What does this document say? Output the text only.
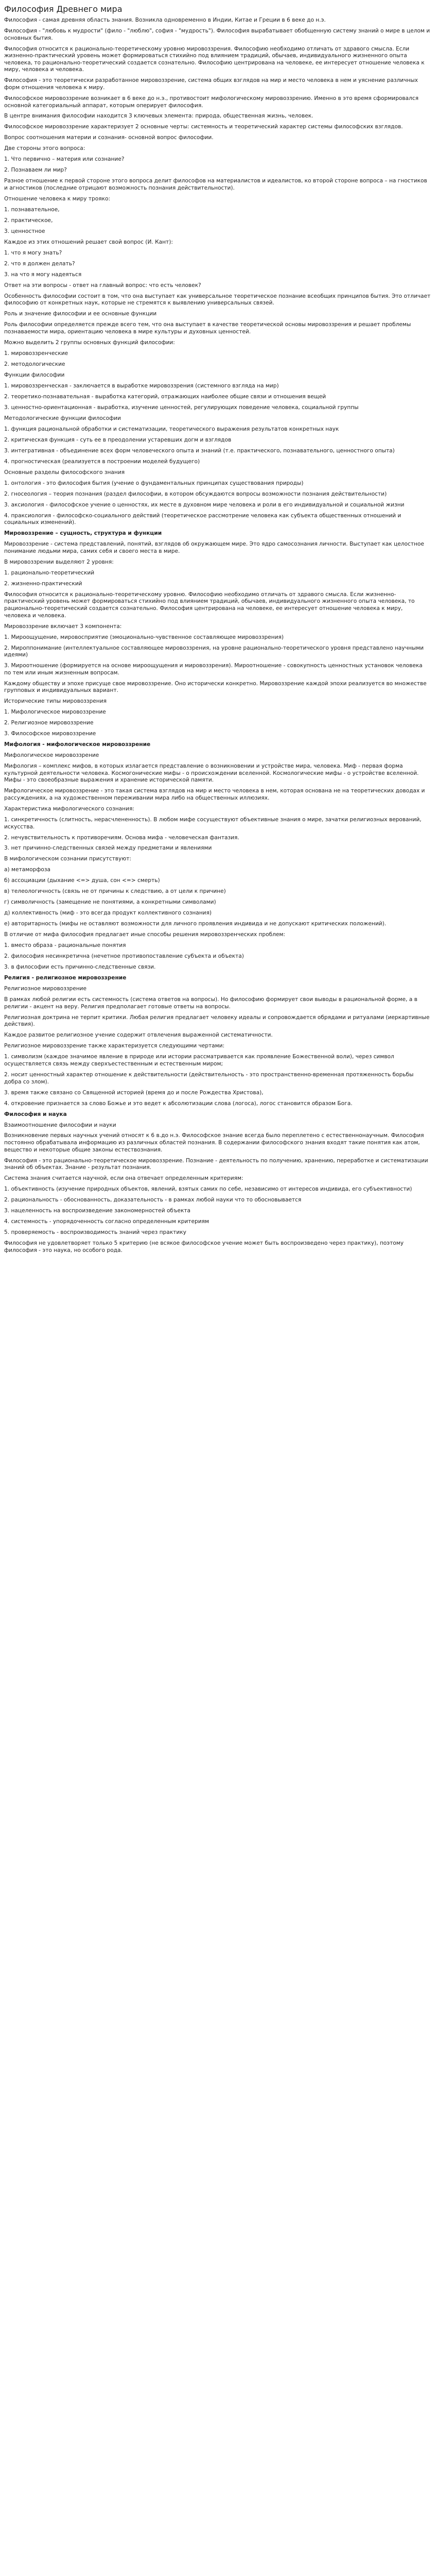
Философия Древнего мира

Философия - самая древняя область знания. Возникла одновременно в Индии, Китае и Греции в 6 веке до н.э.

Философия - "любовь к мудрости" (фило - "люблю", софия - "мудрость"). Философия вырабатывает обобщенную систему знаний о мире в целом и основных бытия.

Философия относится к рационально-теоретическому уровню мировоззрения. Философию необходимо отличать от здравого смысла. Если жизненно-практический уровень может формироваться стихийно под влиянием традиций, обычаев, индивидуального жизненного опыта человека, то рационально-теоретический создается сознательно. Философию центрирована на человеке, ее интересует отношение человека к миру, человека и человека.

Философия - это теоретически разработанное мировоззрение, система общих взглядов на мир и место человека в нем и уяснение различных форм отношения человека к миру.

Философское мировоззрение возникает в 6 веке до н.э., противостоит мифологическому мировоззрению. Именно в это время сформировался основной категориальный аппарат, которым оперирует философия.

В центре внимания философии находится 3 ключевых элемента: природа, общественная жизнь, человек.

Философское мировоззрение характеризует 2 основные черты: системность и теоретический характер системы философских взглядов.

Вопрос соотношения материи и сознания- основной вопрос философии.

Две стороны этого вопроса:

1. Что первично – материя или сознание?

2. Познаваем ли мир?

Разное отношение к первой стороне этого вопроса делит философов на материалистов и идеалистов, ко второй стороне вопроса – на гностиков и агностиков (последние отрицают возможность познания действительности).

Отношение человека к миру трояко:

1. познавательное,

2. практическое,

3. ценностное

Каждое из этих отношений решает свой вопрос (И. Кант):

1. что я могу знать?

2. что я должен делать?

3. на что я могу надеяться

Ответ на эти вопросы - ответ на главный вопрос: что есть человек?

Особенность философии состоит в том, что она выступает как универсальное теоретическое познание всеобщих принципов бытия. Это отличает философию от конкретных наук, которые не стремятся к выявлению универсальных связей.

Роль и значение философии и ее основные функции

Роль философии определяется прежде всего тем, что она выступает в качестве теоретической основы мировоззрения и решает проблемы познаваемости мира, ориентацию человека в мире культуры и духовных ценностей.

Можно выделить 2 группы основных функций философии:

1. мировоззренческие

2. методологические

Функции философии

1. мировоззренческая - заключается в выработке мировоззрения (системного взгляда на мир)

2. теоретико-познавательная - выработка категорий, отражающих наиболее общие связи и отношения вещей

3. ценностно-ориентационная - выработка, изучение ценностей, регулирующих поведение человека, социальной группы

Методологические функции философии

1. функция рациональной обработки и систематизации, теоретического выражения результатов конкретных наук

2. критическая функция - суть ее в преодолении устаревших догм и взглядов

3. интегративная - объединение всех форм человеческого опыта и знаний (т.е. практического, познавательного, ценностного опыта)

4. прогностическая (реализуется в построении моделей будущего)

Основные разделы философского знания

1. онтология - это философия бытия (учение о фундаментальных принципах существования природы)

2. гносеология – теория познания (раздел философии, в котором обсуждаются вопросы возможности познания действительности)

3. аксиология - философское учение о ценностях, их месте в духовном мире человека и роли в его индивидуальной и социальной жизни

4. праксиология - философско-социального действий (теоретическое рассмотрение человека как субъекта общественных отношений и социальных изменений).

Мировоззрение – сущность, структура и функции

Мировоззрение - система представлений, понятий, взглядов об окружающем мире. Это ядро самосознания личности. Выступает как целостное понимание людьми мира, самих себя и своего места в мире.

В мировоззрении выделяют 2 уровня:

1. рационально-теоретический

2. жизненно-практический

Философия относится к рационально-теоретическому уровню. Философию необходимо отличать от здравого смысла. Если жизненно-практический уровень может формироваться стихийно под влиянием традиций, обычаев, индивидуального жизненного опыта человека, то рационально-теоретический создается сознательно. Философия центрирована на человеке, ее интересует отношение человека к миру, человека и человека.

Мировоззрение включает 3 компонента:

1. Мироощущение, мировосприятие (эмоционально-чувственное составляющее мировоззрения)

2. Мироппонимание (интеллектуальное составляющее мировоззрения, на уровне рационально-теоретического уровня представлено научными идеями)

3. Мироотношение (формируется на основе мироощущения и мировоззрения). Мироотношение - совокупность ценностных установок человека по тем или иным жизненным вопросам.

Каждому обществу и эпохе присуще свое мировоззрение. Оно исторически конкретно. Мировоззрение каждой эпохи реализуется во множестве групповых и индивидуальных вариант.

Исторические типы мировоззрения

1. Мифологическое мировоззрение

2. Религиозное мировоззрение

3. Философское мировоззрение

Мифология - мифологическое мировоззрение

Мифологическое мировоззрение

Мифология – комплекс мифов, в которых излагается представление о возникновении и устройстве мира, человека. Миф - первая форма культурной деятельности человека. Космогонические мифы - о происхождении вселенной. Космологические мифы - о устройстве вселенной. Мифы - это своеобразные выражения и хранение исторической памяти.

Мифологическое мировоззрение - это такая система взглядов на мир и место человека в нем, которая основана не на теоретических доводах и рассуждениях, а на художественном переживании мира либо на общественных иллюзиях.

Характеристика мифологического сознания:

1. синкретичность (слитность, нерасчлененность). В любом мифе сосуществуют объективные знания о мире, зачатки религиозных верований, искусства.

2. нечувствительность к противоречиям. Основа мифа - человеческая фантазия.

3. нет причинно-следственных связей между предметами и явлениями

В мифологическом сознании присутствуют:

а) метаморфоза

б) ассоциации (дыхание <=> душа, сон <=> смерть)

в) телеологичность (связь не от причины к следствию, а от цели к причине)

г) символичность (замещение не понятиями, а конкретными символами)

д) коллективность (миф - это всегда продукт коллективного сознания)

е) авторитарность (мифы не оставляют возможности для личного проявления индивида и не допускают критических положений).

В отличие от мифа философия предлагает иные способы решения мировоззренческих проблем:

1. вместо образа - рациональные понятия

2. философия несинкретична (нечетное противопоставление субъекта и объекта)

3. в философии есть причинно-следственные связи.

Религия - религиозное мировоззрение

Религиозное мировоззрение

В рамках любой религии есть системность (система ответов на вопросы). Но философию формирует свои выводы в рациональной форме, а в религии - акцент на веру. Религия предполагает готовые ответы на вопросы.

Религиозная доктрина не терпит критики. Любая религия предлагает человеку идеалы и сопровождается обрядами и ритуалами (иеркартивные действия).

Каждое развитое религиозное учение содержит отвлечения выраженной систематичности.

Религиозное мировоззрение также характеризуется следующими чертами:

1. символизм (каждое значимое явление в природе или истории рассматривается как проявление Божественной воли), через символ осуществляется связь между сверхъестественным и естественным миром;

2. носит ценностный характер отношение к действительности (действительность - это пространственно-временная протяженность борьбы добра со злом).

3. время также связано со Священной историей (время до и после Рождества Христова),

4. откровение признается за слово Божье и это ведет к абсолютизации слова (логоса), логос становится образом Бога.

Философия и наука

Взаимоотношение философии и науки

Возникновение первых научных учений относят к 6 в.до н.э. Философское знание всегда было переплетено с естественнонаучным. Философия постоянно обрабатывала информацию из различных областей познания. В содержании философского знания входят такие понятия как атом, вещество и некоторые общие законы естествознания.

Философия - это рационально-теоретическое мировоззрение. Познание - деятельность по получению, хранению, переработке и систематизации знаний об объектах. Знание - результат познания.

Система знания считается научной, если она отвечает определенным критериям:

1. объективность (изучение природных объектов, явлений, взятых самих по себе, независимо от интересов индивида, его субъективности)

2. рациональность - обоснованность, доказательность - в рамках любой науки что то обосновывается

3. нацеленность на воспроизведение закономерностей объекта

4. системность - упорядоченность согласно определенным критериям

5. проверяемость - воспроизводимость знаний через практику

Философия не удовлетворяет только 5 критерию (не всякое философское учение может быть воспроизведено через практику), поэтому философия - это наука, но особого рода.
